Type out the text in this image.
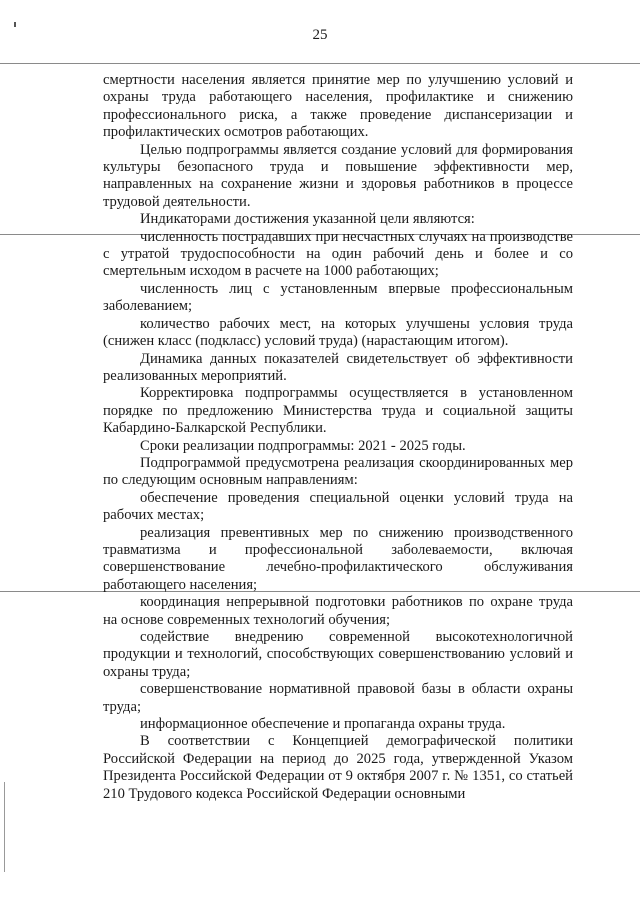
25

смертности населения является принятие мер по улучшению условий и охраны труда работающего населения, профилактике и снижению профессионального риска, а также проведение диспансеризации и профилактических осмотров работающих.

Целью подпрограммы является создание условий для формирования культуры безопасного труда и повышение эффективности мер, направленных на сохранение жизни и здоровья работников в процессе трудовой деятельности.

Индикаторами достижения указанной цели являются:

численность пострадавших при несчастных случаях на производстве с утратой трудоспособности на один рабочий день и более и со смертельным исходом в расчете на 1000 работающих;

численность лиц с установленным впервые профессиональным заболеванием;

количество рабочих мест, на которых улучшены условия труда (снижен класс (подкласс) условий труда) (нарастающим итогом).

Динамика данных показателей свидетельствует об эффективности реализованных мероприятий.

Корректировка подпрограммы осуществляется в установленном порядке по предложению Министерства труда и социальной защиты Кабардино-Балкарской Республики.

Сроки реализации подпрограммы: 2021 - 2025 годы.

Подпрограммой предусмотрена реализация скоординированных мер по следующим основным направлениям:

обеспечение проведения специальной оценки условий труда на рабочих местах;

реализация превентивных мер по снижению производственного травматизма и профессиональной заболеваемости, включая совершенствование лечебно-профилактического обслуживания работающего населения;

координация непрерывной подготовки работников по охране труда на основе современных технологий обучения;

содействие внедрению современной высокотехнологичной продукции и технологий, способствующих совершенствованию условий и охраны труда;

совершенствование нормативной правовой базы в области охраны труда;

информационное обеспечение и пропаганда охраны труда.

В соответствии с Концепцией демографической политики Российской Федерации на период до 2025 года, утвержденной Указом Президента Российской Федерации от 9 октября 2007 г. № 1351, со статьей 210 Трудового кодекса Российской Федерации основными
